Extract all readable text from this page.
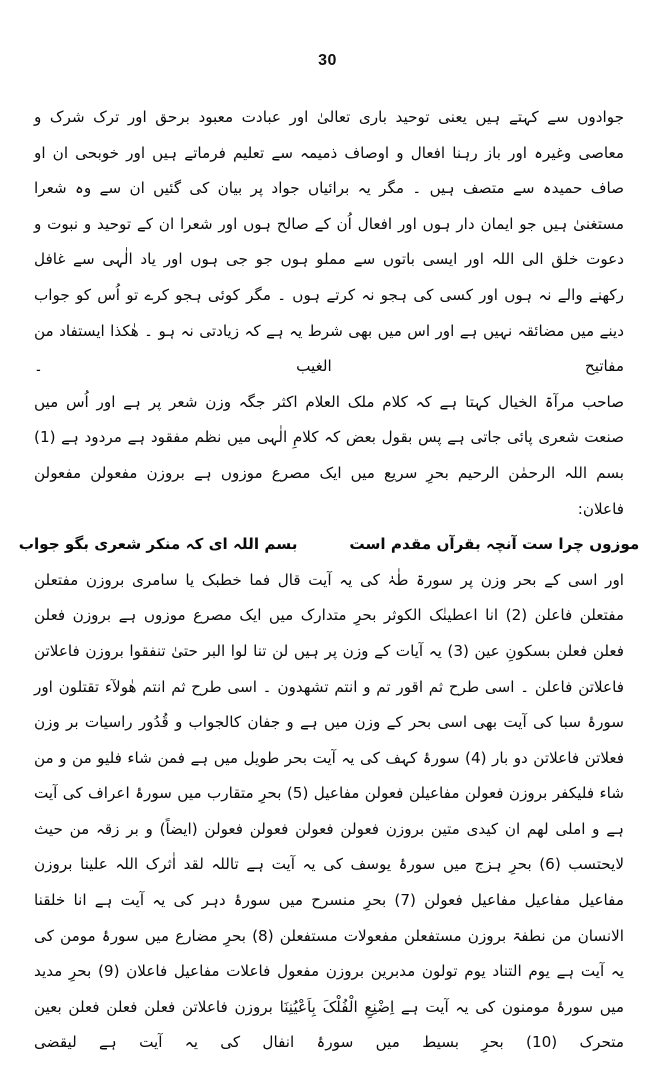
30

جوادوں سے کہتے ہیں یعنی توحید باری تعالیٰ اور عبادت معبود برحق اور ترک شرک و معاصی وغیرہ اور باز رہنا افعال و اوصاف ذمیمہ سے تعلیم فرماتے ہیں اور خوبحی ان او صاف حمیدہ سے متصف ہیں ۔ مگر یہ برائیاں جواد پر بیان کی گئیں ان سے وہ شعرا مستغنیٰ ہیں جو ایمان دار ہوں اور افعال اُن کے صالح ہوں اور شعرا ان کے توحید و نبوت و دعوت خلق الی اللہ اور ایسی باتوں سے مملو ہوں جو جی ہوں اور یاد الٰہی سے غافل رکھنے والے نہ ہوں اور کسی کی ہجو نہ کرتے ہوں ۔ مگر کوئی ہجو کرے تو اُس کو جواب دینے میں مضائقہ نہیں ہے اور اس میں بھی شرط یہ ہے کہ زیادتی نہ ہو ۔ ھٰکذا ایستفاد من مفاتیح الغیب ۔

صاحب مرآۃ الخیال کہتا ہے کہ کلام ملک العلام اکثر جگہ وزن شعر پر ہے اور اُس میں صنعت شعری پائی جاتی ہے پس بقول بعض کہ کلامِ الٰہی میں نظم مفقود ہے مردود ہے (1) بسم اللہ الرحمٰن الرحیم بحرِ سریع میں ایک مصرع موزوں ہے بروزن مفعولن مفعولن فاعلان:

بسم اللہ ای کہ منکر شعری بگو جواب	موزوں چرا ست آنچہ بقرآں مقدم است

اور اسی کے بحر وزن پر سورۃ طٰہٰ کی یہ آیت قال فما خطبک یا سامری بروزن مفتعلن مفتعلن فاعلن (2) انا اعطینٰک الکوثر بحرِ متدارک میں ایک مصرع موزوں ہے بروزن فعلن فعلن فعلن بسکونِ عین (3) یہ آیات کے وزن پر ہیں لن تنا لوا البر حتیٰ تنفقوا بروزن فاعلاتن فاعلاتن فاعلن ۔ اسی طرح ثم اقور تم و انتم تشھدون ۔ اسی طرح ثم انتم ھٰولآء تقتلون اور سورۂ سبا کی آیت بھی اسی بحر کے وزن میں ہے و جفان کالجواب و قُدُور راسیات بر وزن فعلاتن فاعلاتن دو بار (4) سورۂ کہف کی یہ آیت بحر طویل میں ہے فمن شاء فلیو من و من شاء فلیکفر بروزن فعولن مفاعیلن فعولن مفاعیل (5) بحرِ متقارب میں سورۂ اعراف کی آیت ہے و املی لھم ان کیدی متین بروزن فعولن فعولن فعولن فعولن (ایضاً) و بر زقہ من حیث لایحتسب (6) بحرِ ہزج میں سورۂ یوسف کی یہ آیت ہے تاللہ لقد اٰثرک اللہ علینا بروزن مفاعیل مفاعیل مفاعیل فعولن (7) بحرِ منسرح میں سورۂ دہر کی یہ آیت ہے انا خلقنا الانسان من نطفۃ بروزن مستفعلن مفعولات مستفعلن (8) بحرِ مضارع میں سورۂ مومن کی یہ آیت ہے یوم التناد یوم تولون مدبرین بروزن مفعول فاعلات مفاعیل فاعلان (9) بحرِ مدید میں سورۂ مومنون کی یہ آیت ہے اِضْنِعِ الْفُلْکَ بِاَعْیُنِنَا بروزن فاعلاتن فعلن فعلن فعلن بعین متحرک (10) بحرِ بسیط میں سورۂ انفال کی یہ آیت ہے لیقضی
